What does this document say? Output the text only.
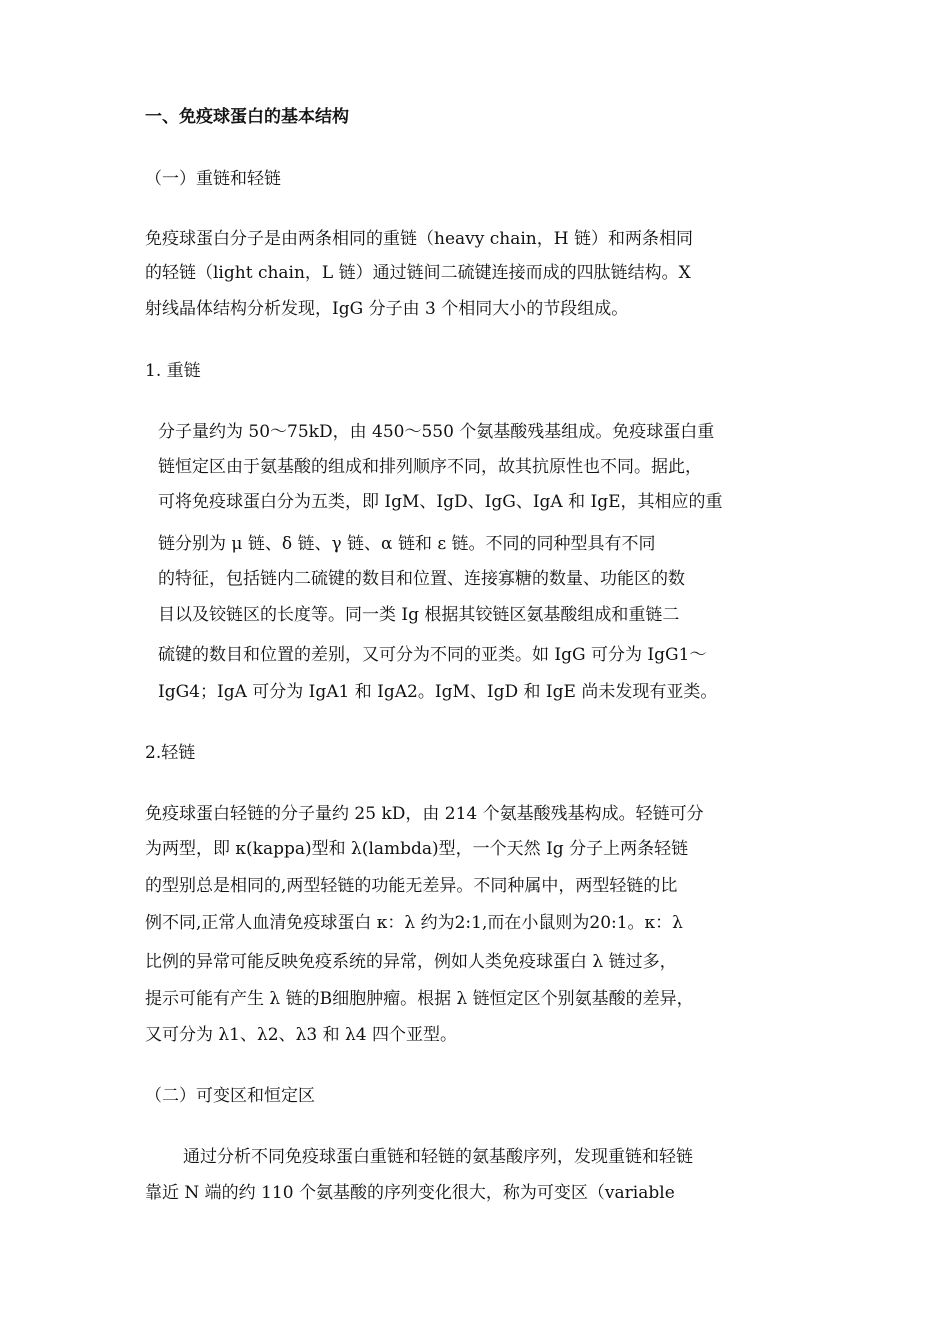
一、免疫球蛋白的基本结构
（一）重链和轻链
免疫球蛋白分子是由两条相同的重链（heavy chain，H 链）和两条相同
的轻链（light chain，L 链）通过链间二硫键连接而成的四肽链结构。X
射线晶体结构分析发现，IgG 分子由 3 个相同大小的节段组成。
1. 重链
分子量约为 50～75kD，由 450～550 个氨基酸残基组成。免疫球蛋白重
链恒定区由于氨基酸的组成和排列顺序不同，故其抗原性也不同。据此，
可将免疫球蛋白分为五类，即 IgM、IgD、IgG、IgA 和 IgE，其相应的重
链分别为 μ 链、δ 链、γ 链、α 链和 ε 链。不同的同种型具有不同
的特征，包括链内二硫键的数目和位置、连接寡糖的数量、功能区的数
目以及铰链区的长度等。同一类 Ig 根据其铰链区氨基酸组成和重链二
硫键的数目和位置的差别，又可分为不同的亚类。如 IgG 可分为 IgG1～
IgG4；IgA 可分为 IgA1 和 IgA2。IgM、IgD 和 IgE 尚未发现有亚类。
2.轻链
免疫球蛋白轻链的分子量约 25 kD，由 214 个氨基酸残基构成。轻链可分
为两型，即 κ(kappa)型和 λ(lambda)型，一个天然 Ig 分子上两条轻链
的型别总是相同的,两型轻链的功能无差异。不同种属中，两型轻链的比
例不同,正常人血清免疫球蛋白 κ：λ 约为2:1,而在小鼠则为20:1。κ：λ
比例的异常可能反映免疫系统的异常，例如人类免疫球蛋白 λ 链过多，
提示可能有产生 λ 链的B细胞肿瘤。根据 λ 链恒定区个别氨基酸的差异，
又可分为 λ1、λ2、λ3 和 λ4 四个亚型。
（二）可变区和恒定区
通过分析不同免疫球蛋白重链和轻链的氨基酸序列，发现重链和轻链
靠近 N 端的约 110 个氨基酸的序列变化很大，称为可变区（variable
